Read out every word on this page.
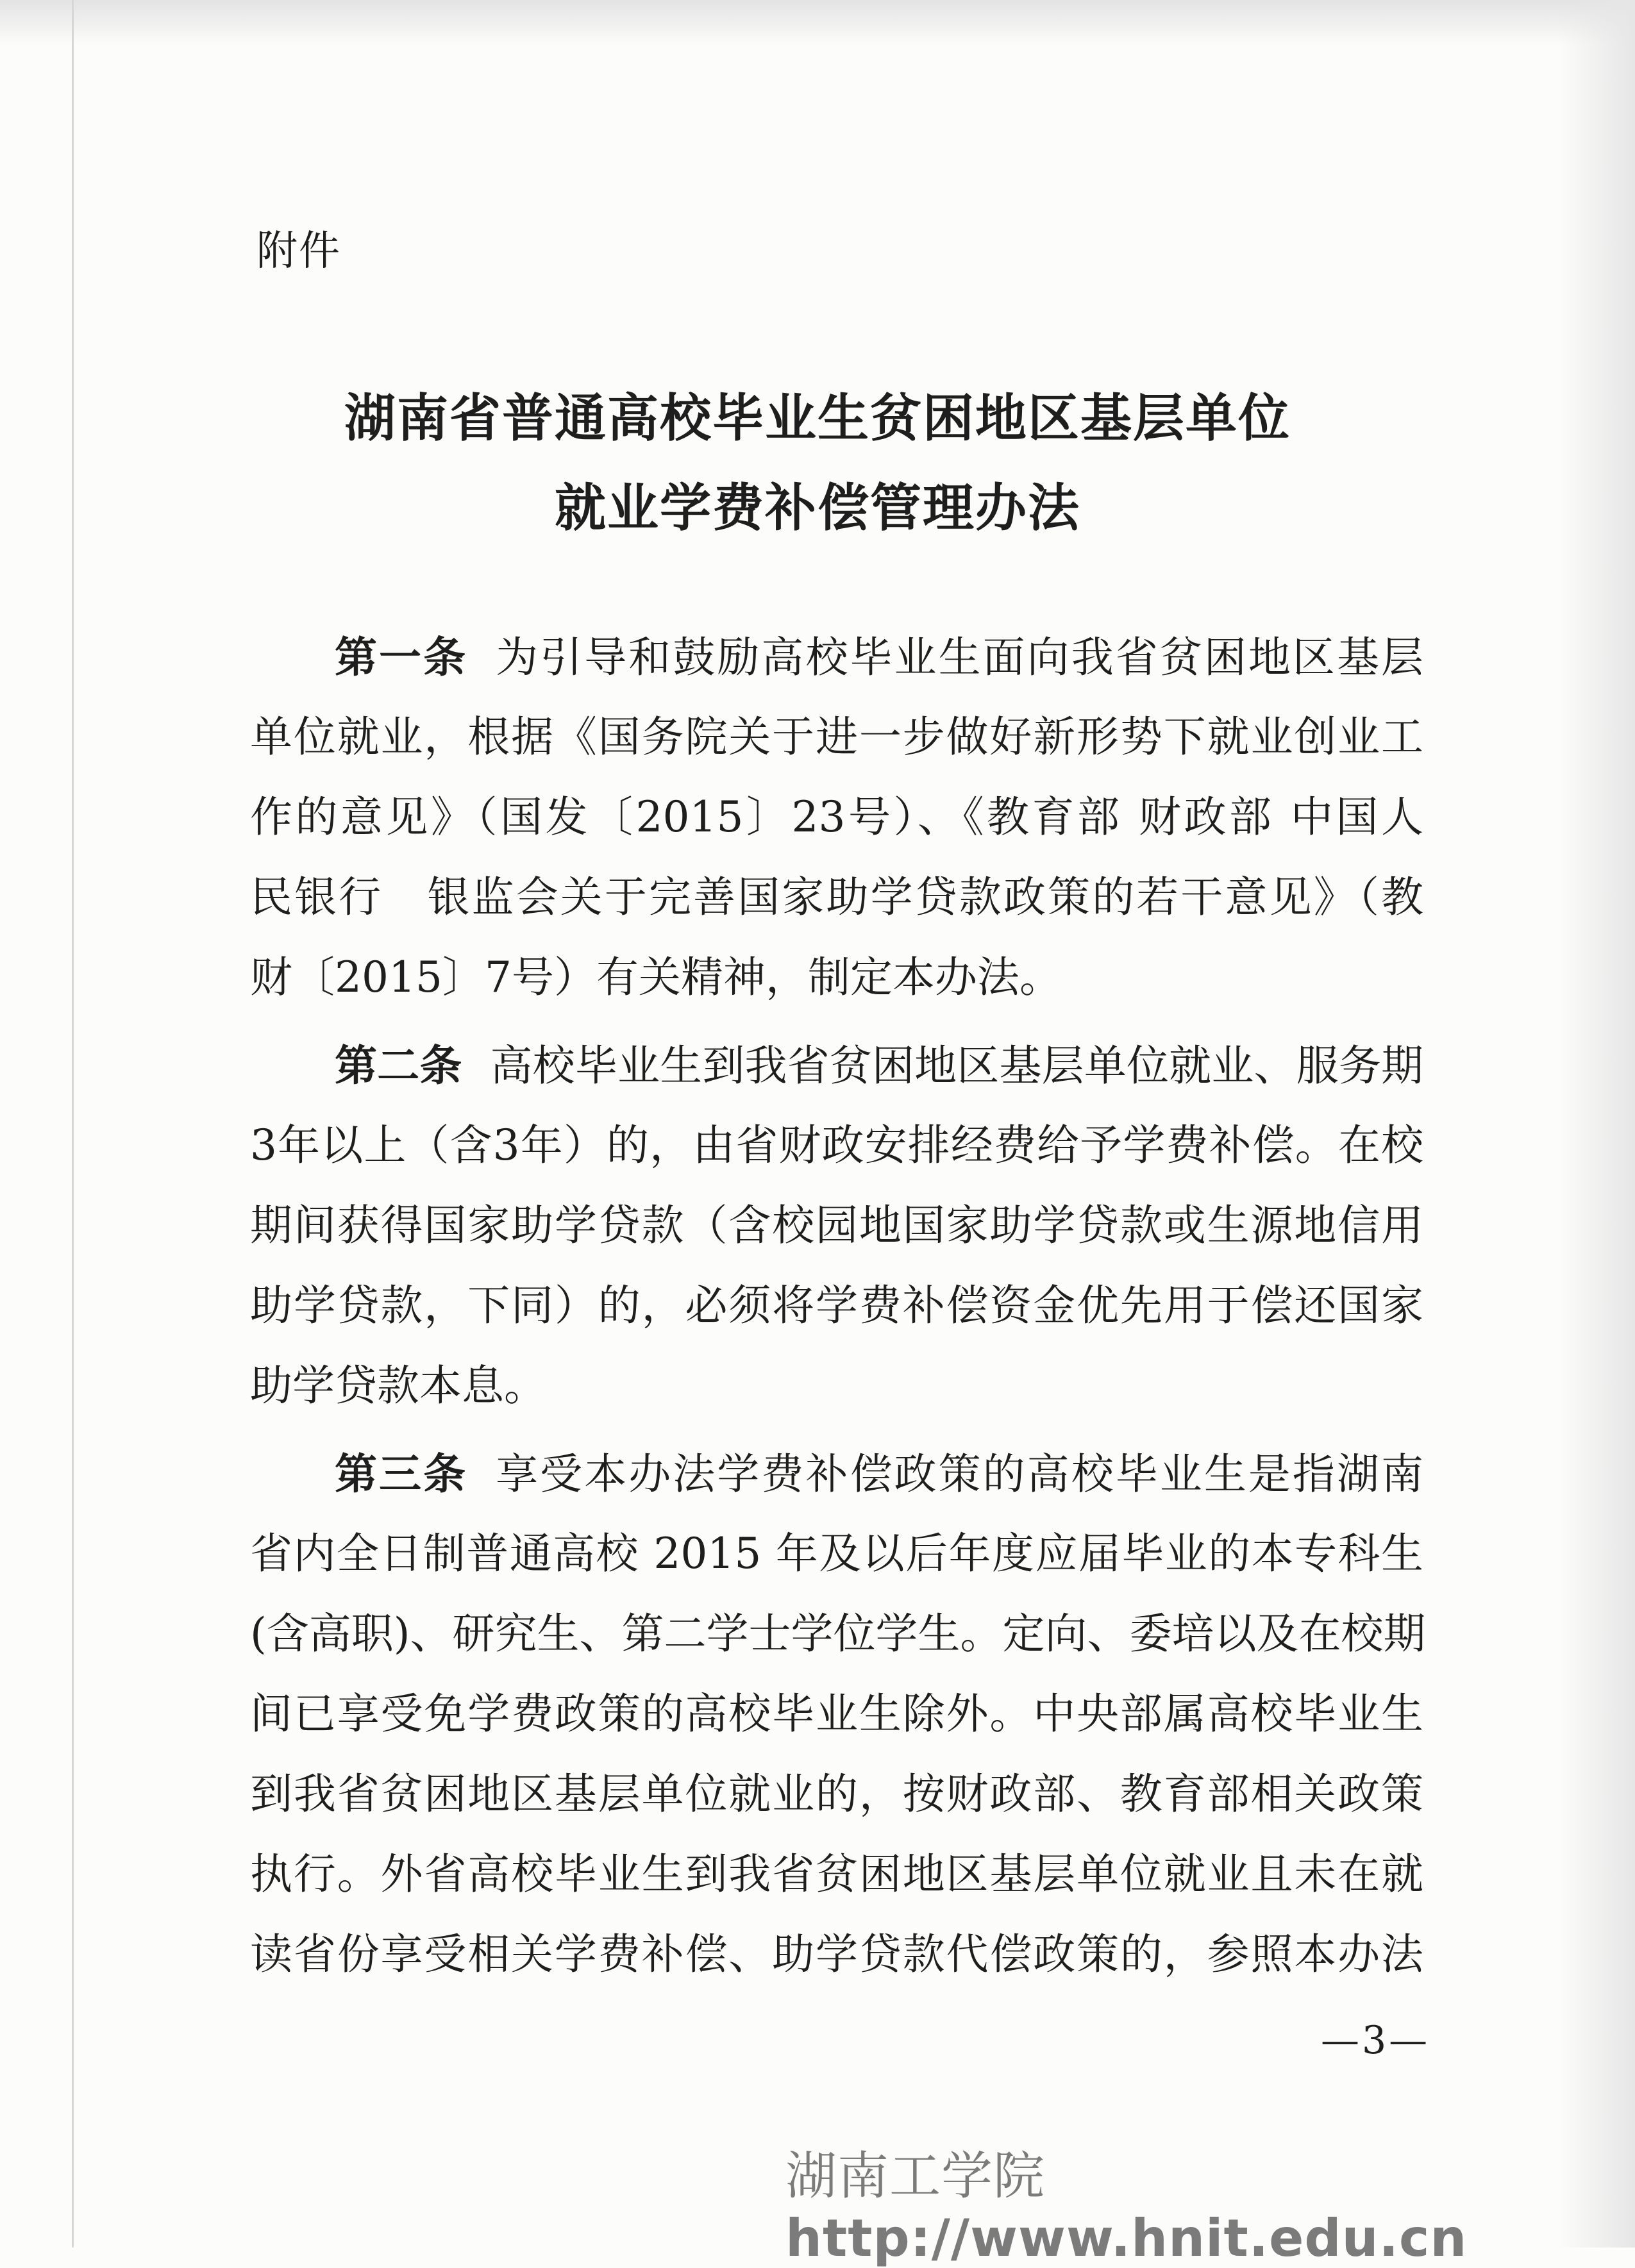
附件
湖南省普通高校毕业生贫困地区基层单位
就业学费补偿管理办法
第一条 为引导和鼓励高校毕业生面向我省贫困地区基层
单位就业，根据《国务院关于进一步做好新形势下就业创业工
作的意见》（国发〔2015〕23号）、《教育部 财政部 中国人
民银行　银监会关于完善国家助学贷款政策的若干意见》（教
财〔2015〕7号）有关精神，制定本办法。
第二条 高校毕业生到我省贫困地区基层单位就业、服务期
3年以上（含3年）的，由省财政安排经费给予学费补偿。在校
期间获得国家助学贷款（含校园地国家助学贷款或生源地信用
助学贷款，下同）的，必须将学费补偿资金优先用于偿还国家
助学贷款本息。
第三条 享受本办法学费补偿政策的高校毕业生是指湖南
省内全日制普通高校 2015 年及以后年度应届毕业的本专科生
(含高职)、研究生、第二学士学位学生。定向、委培以及在校期
间已享受免学费政策的高校毕业生除外。中央部属高校毕业生
到我省贫困地区基层单位就业的，按财政部、教育部相关政策
执行。外省高校毕业生到我省贫困地区基层单位就业且未在就
读省份享受相关学费补偿、助学贷款代偿政策的，参照本办法
—3—
湖南工学院http://www.hnit.edu.cn
